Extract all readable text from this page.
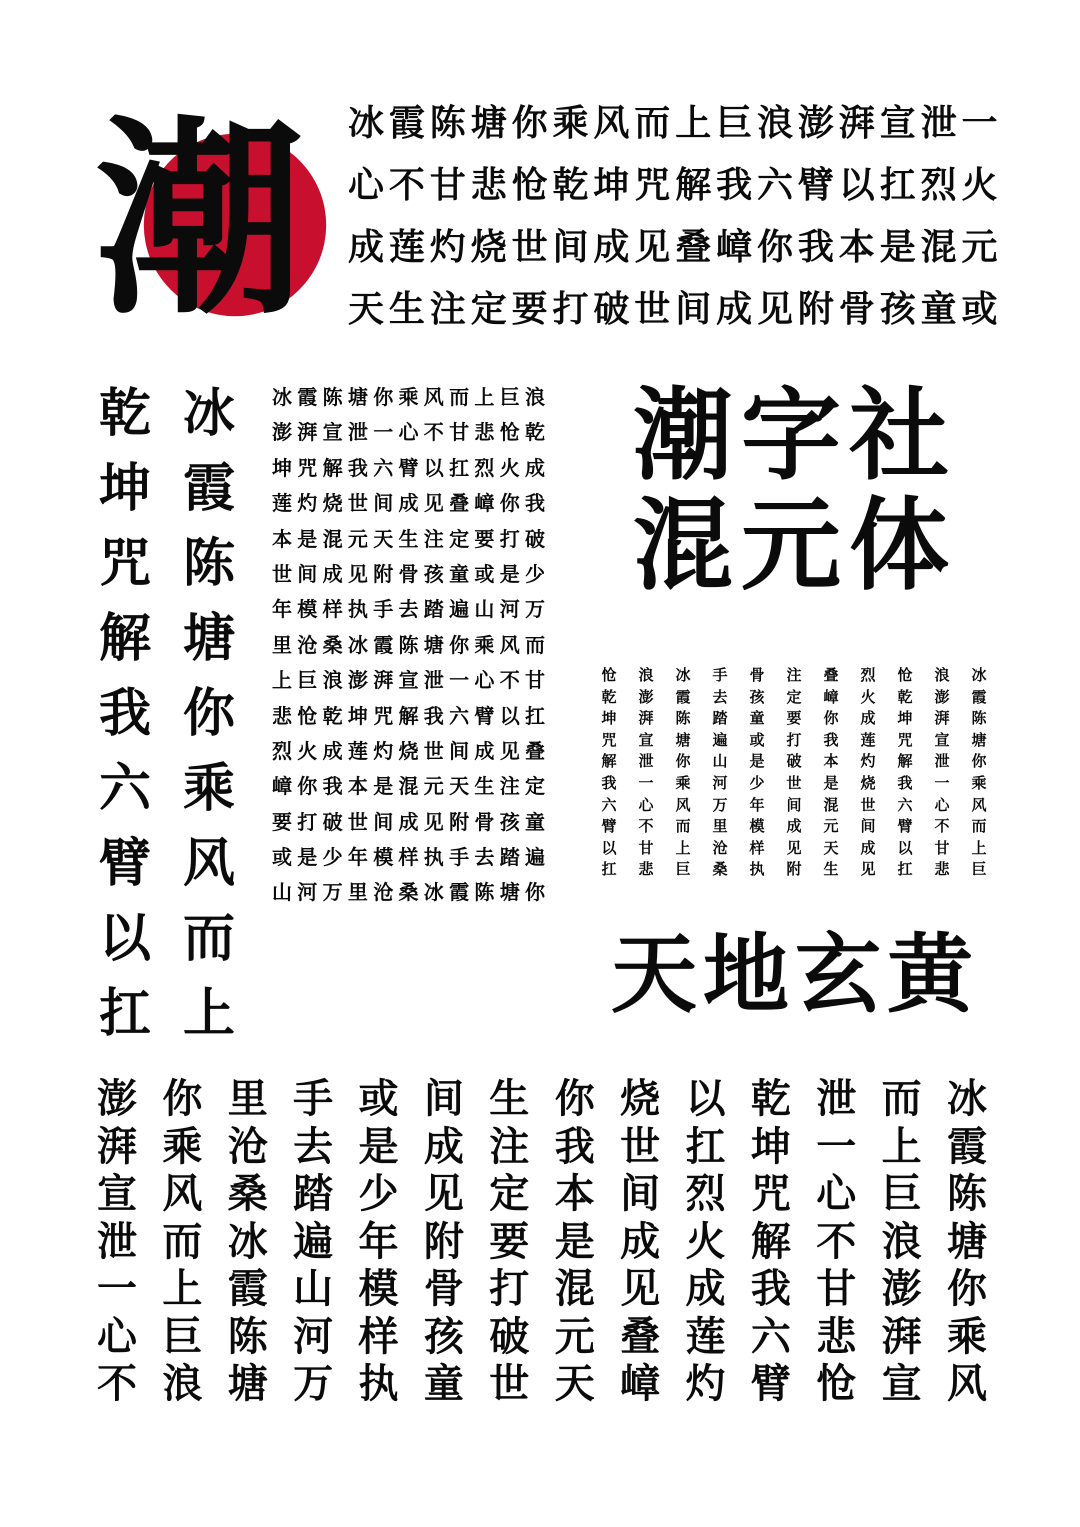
潮	冰霞陈塘你乘风而上巨浪澎湃宣泄一
心不甘悲怆乾坤咒解我六臂以扛烈火
成莲灼烧世间成见叠嶂你我本是混元
天生注定要打破世间成见附骨孩童或
乾
坤
咒
解
我
六
臂
以
扛
冰
霞
陈
塘
你
乘
风
而
上
冰霞陈塘你乘风而上巨浪
澎湃宣泄一心不甘悲怆乾
坤咒解我六臂以扛烈火成
莲灼烧世间成见叠嶂你我
本是混元天生注定要打破
世间成见附骨孩童或是少
年模样执手去踏遍山河万
里沧桑冰霞陈塘你乘风而
上巨浪澎湃宣泄一心不甘
悲怆乾坤咒解我六臂以扛
烈火成莲灼烧世间成见叠
嶂你我本是混元天生注定
要打破世间成见附骨孩童
或是少年模样执手去踏遍
山河万里沧桑冰霞陈塘你
潮字社
混元体
怆
乾
坤
咒
解
我
六
臂
以
扛
浪
澎
湃
宣
泄
一
心
不
甘
悲
冰
霞
陈
塘
你
乘
风
而
上
巨
手
去
踏
遍
山
河
万
里
沧
桑
骨
孩
童
或
是
少
年
模
样
执
注
定
要
打
破
世
间
成
见
附
叠
嶂
你
我
本
是
混
元
天
生
烈
火
成
莲
灼
烧
世
间
成
见
怆
乾
坤
咒
解
我
六
臂
以
扛
浪
澎
湃
宣
泄
一
心
不
甘
悲
冰
霞
陈
塘
你
乘
风
而
上
巨
天地玄黄
澎
湃
宣
泄
一
心
不
你
乘
风
而
上
巨
浪
里
沧
桑
冰
霞
陈
塘
手
去
踏
遍
山
河
万
或
是
少
年
模
样
执
间
成
见
附
骨
孩
童
生
注
定
要
打
破
世
你
我
本
是
混
元
天
烧
世
间
成
见
叠
嶂
以
扛
烈
火
成
莲
灼
乾
坤
咒
解
我
六
臂
泄
一
心
不
甘
悲
怆
而
上
巨
浪
澎
湃
宣
冰
霞
陈
塘
你
乘
风
